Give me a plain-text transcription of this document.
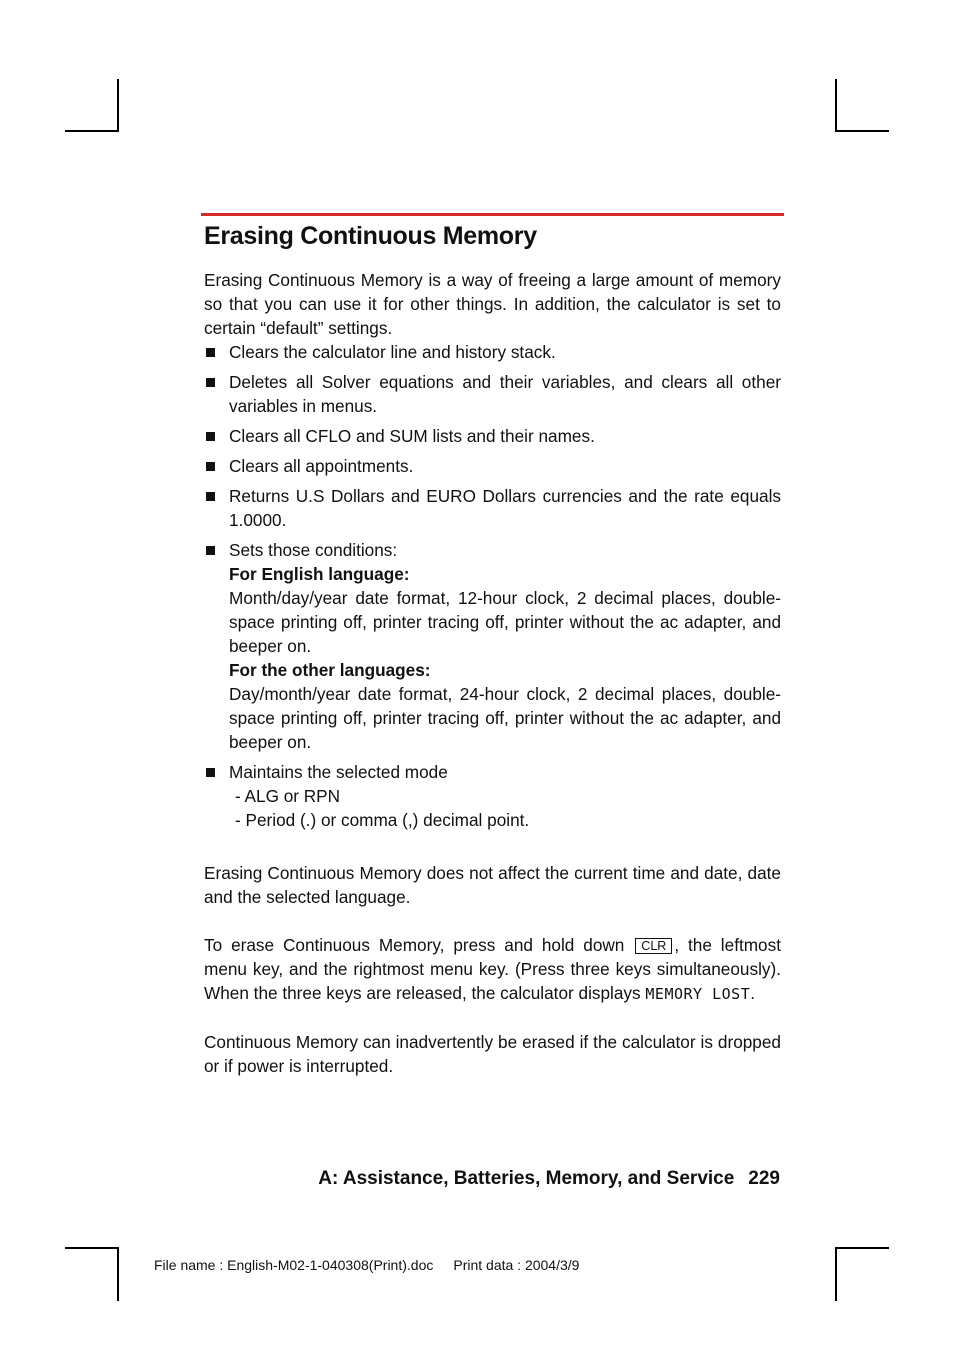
Erasing Continuous Memory

Erasing Continuous Memory is a way of freeing a large amount of memory so that you can use it for other things. In addition, the calculator is set to certain “default” settings.

Clears the calculator line and history stack.
Deletes all Solver equations and their variables, and clears all other variables in menus.
Clears all CFLO and SUM lists and their names.
Clears all appointments.
Returns U.S Dollars and EURO Dollars currencies and the rate equals 1.0000.
Sets those conditions:
For English language:
Month/day/year date format, 12-hour clock, 2 decimal places, double-space printing off, printer tracing off, printer without the ac adapter, and beeper on.
For the other languages:
Day/month/year date format, 24-hour clock, 2 decimal places, double-space printing off, printer tracing off, printer without the ac adapter, and beeper on.
Maintains the selected mode
- ALG or RPN
- Period (.) or comma (,) decimal point.

Erasing Continuous Memory does not affect the current time and date, date and the selected language.

To erase Continuous Memory, press and hold down CLR , the leftmost menu key, and the rightmost menu key. (Press three keys simultaneously). When the three keys are released, the calculator displays MEMORY LOST.

Continuous Memory can inadvertently be erased if the calculator is dropped or if power is interrupted.

A: Assistance, Batteries, Memory, and Service 229
File name : English-M02-1-040308(Print).doc Print data : 2004/3/9
